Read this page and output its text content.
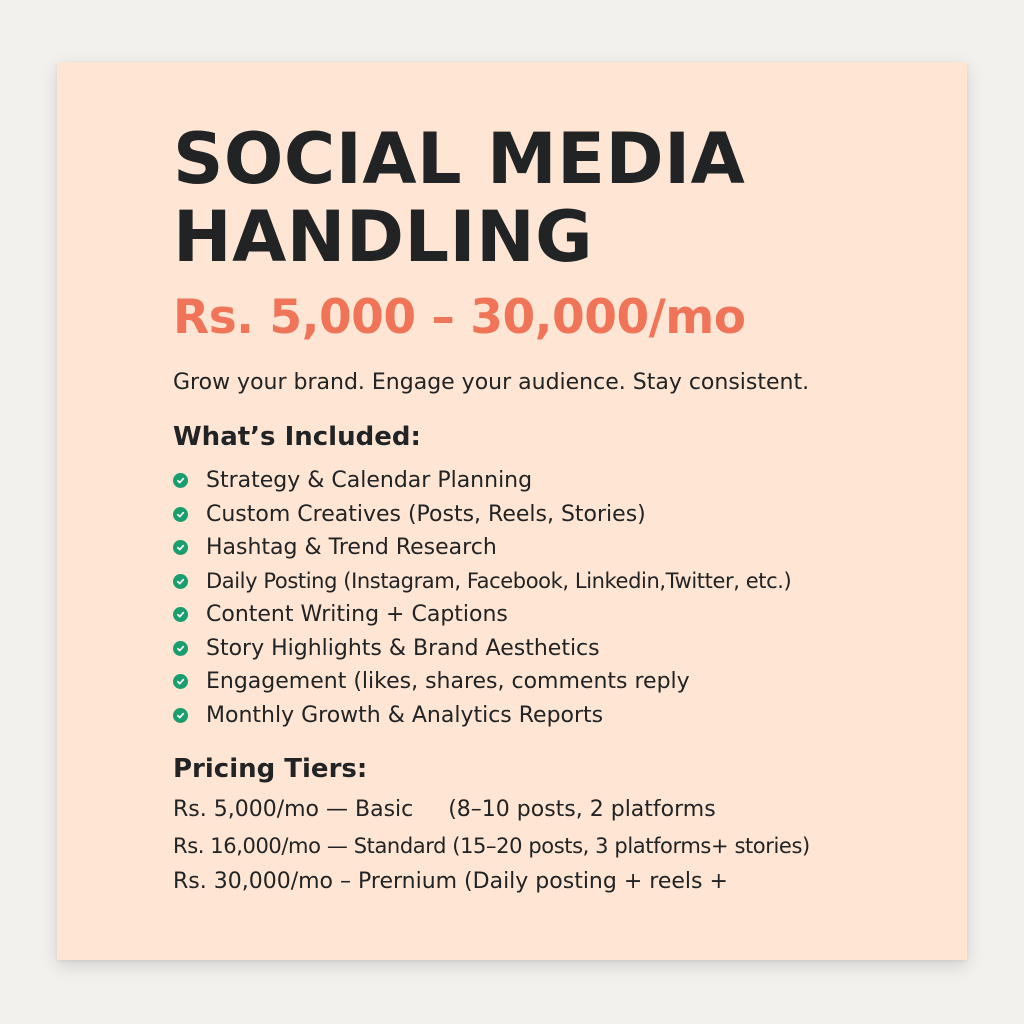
SOCIAL MEDIA
HANDLING
Rs. 5,000 – 30,000/mo
Grow your brand. Engage your audience. Stay consistent.
What’s Included:
Strategy & Calendar Planning
Custom Creatives (Posts, Reels, Stories)
Hashtag & Trend Research
Daily Posting (Instagram, Facebook, Linkedin,Twitter, etc.)
Content Writing + Captions
Story Highlights & Brand Aesthetics
Engagement (likes, shares, comments reply
Monthly Growth & Analytics Reports
Pricing Tiers:
Rs. 5,000/mo — Basic     (8–10 posts, 2 platforms
Rs. 16,000/mo — Standard (15–20 posts, 3 platforms+ stories)
Rs. 30,000/mo – Prernium (Daily posting + reels +
